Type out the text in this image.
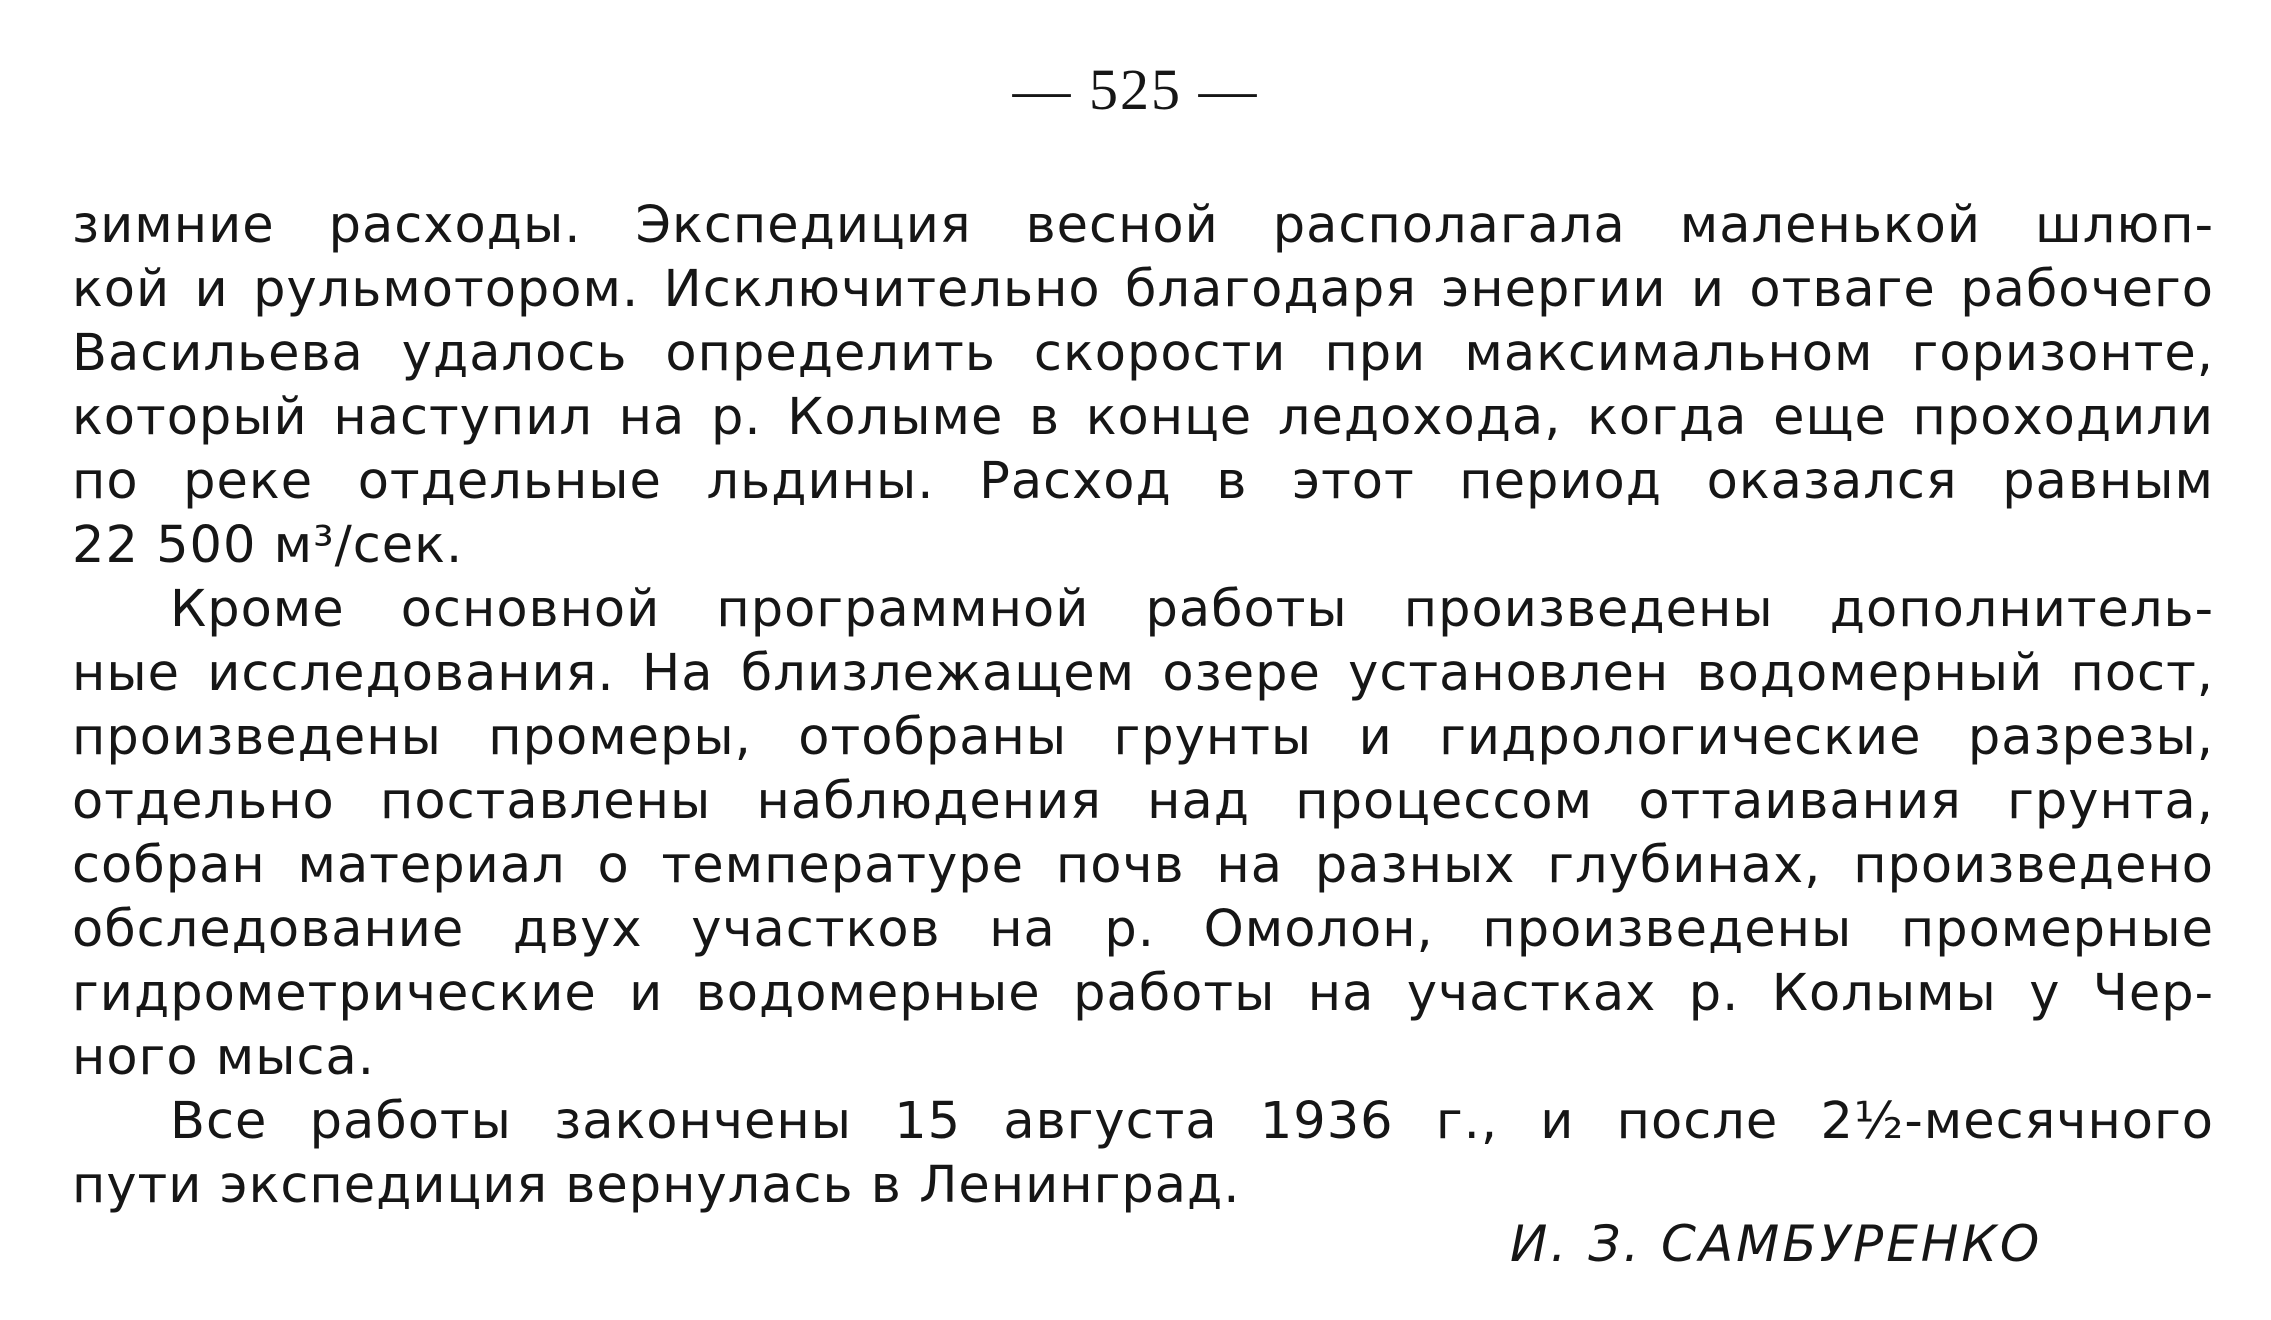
— 525 —
зимние расходы. Экспедиция весной располагала маленькой шлюп-
кой и рульмотором. Исключительно благодаря энергии и отваге рабочего
Васильева удалось определить скорости при максимальном горизонте,
который наступил на р. Колыме в конце ледохода, когда еще проходили
по реке отдельные льдины. Расход в этот период оказался равным
22 500 м³/сек.
Кроме основной программной работы произведены дополнитель-
ные исследования. На близлежащем озере установлен водомерный пост,
произведены промеры, отобраны грунты и гидрологические разрезы,
отдельно поставлены наблюдения над процессом оттаивания грунта,
собран материал о температуре почв на разных глубинах, произведено
обследование двух участков на р. Омолон, произведены промерные
гидрометрические и водомерные работы на участках р. Колымы у Чер-
ного мыса.
Все работы закончены 15 августа 1936 г., и после 2½-месячного
пути экспедиция вернулась в Ленинград.
И. З. САМБУРЕНКО
